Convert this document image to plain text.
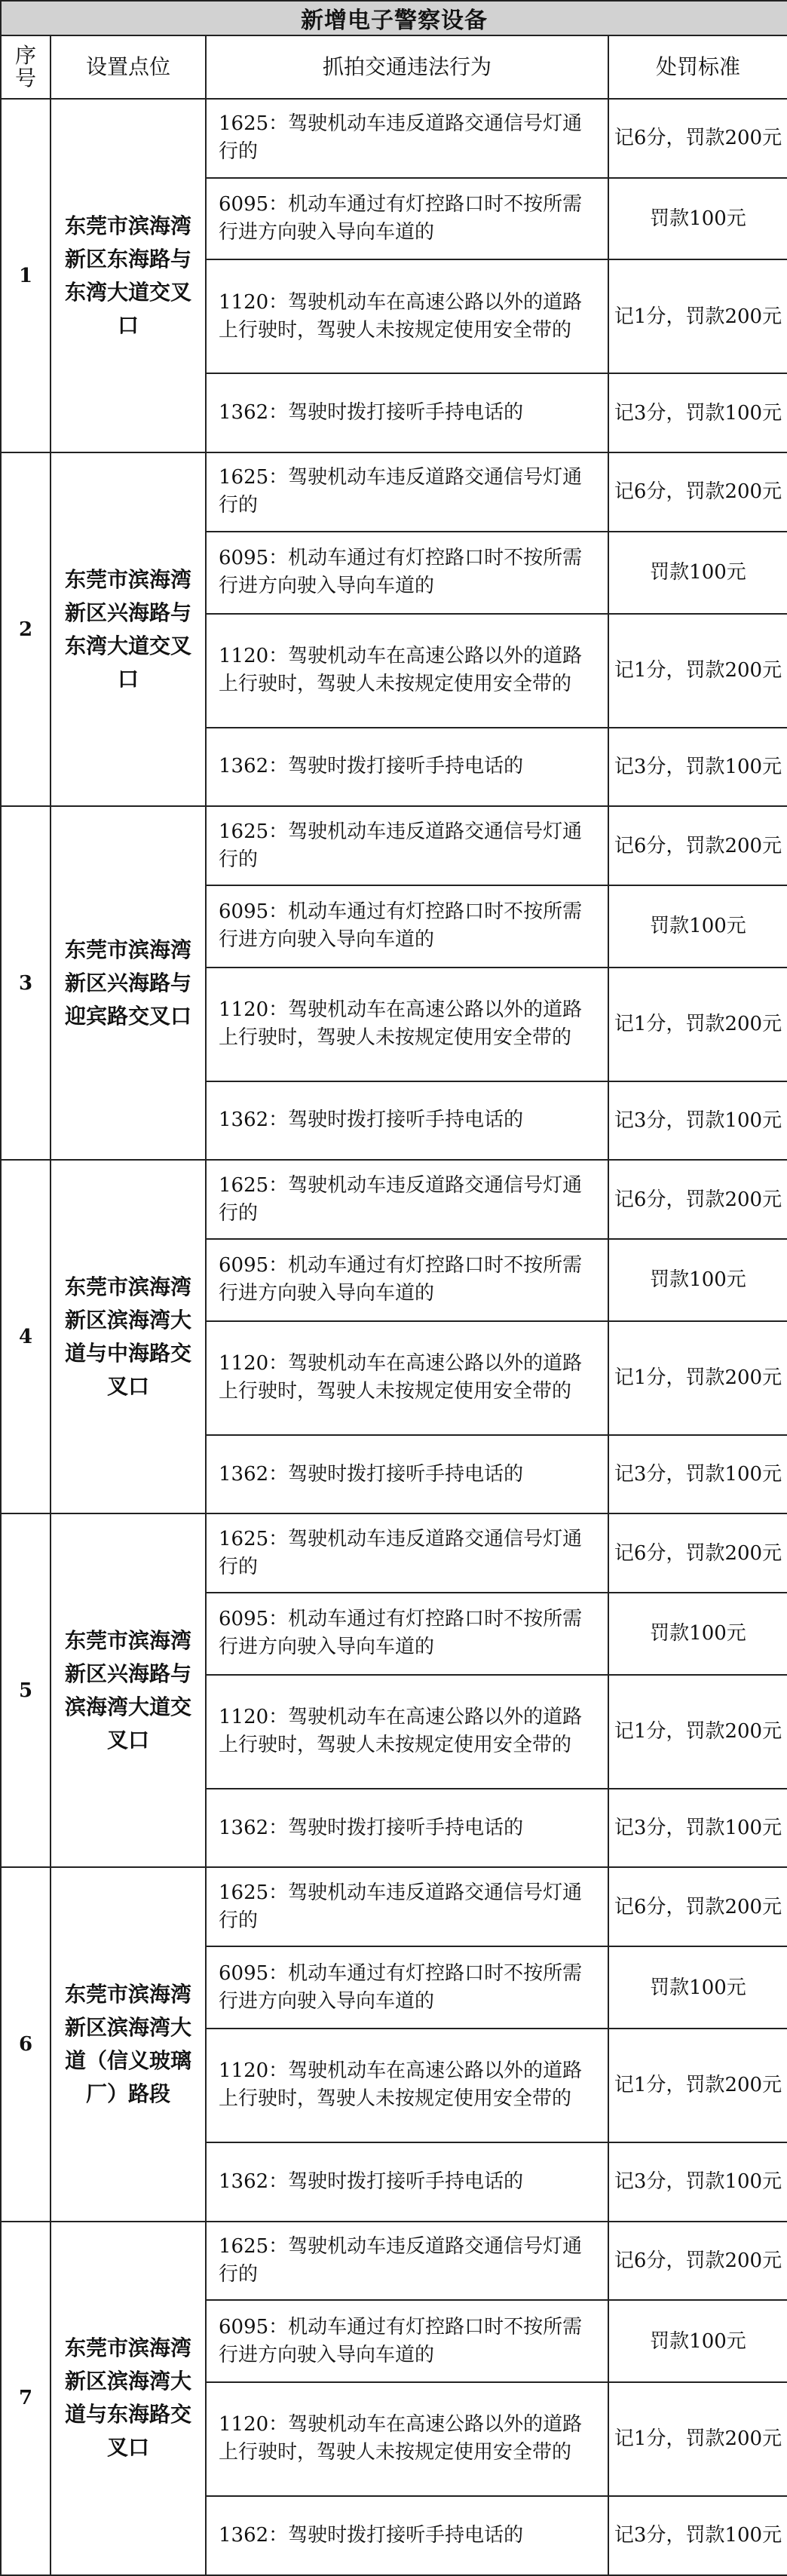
新增电子警察设备			
序号	设置点位	抓拍交通违法行为	处罚标准
1	东莞市滨海湾新区东海路与东湾大道交叉口	1625：驾驶机动车违反道路交通信号灯通行的	记6分，罚款200元
		6095：机动车通过有灯控路口时不按所需行进方向驶入导向车道的	罚款100元
		1120：驾驶机动车在高速公路以外的道路上行驶时，驾驶人未按规定使用安全带的	记1分，罚款200元
		1362：驾驶时拨打接听手持电话的	记3分，罚款100元
2	东莞市滨海湾新区兴海路与东湾大道交叉口	1625：驾驶机动车违反道路交通信号灯通行的	记6分，罚款200元
		6095：机动车通过有灯控路口时不按所需行进方向驶入导向车道的	罚款100元
		1120：驾驶机动车在高速公路以外的道路上行驶时，驾驶人未按规定使用安全带的	记1分，罚款200元
		1362：驾驶时拨打接听手持电话的	记3分，罚款100元
3	东莞市滨海湾新区兴海路与迎宾路交叉口	1625：驾驶机动车违反道路交通信号灯通行的	记6分，罚款200元
		6095：机动车通过有灯控路口时不按所需行进方向驶入导向车道的	罚款100元
		1120：驾驶机动车在高速公路以外的道路上行驶时，驾驶人未按规定使用安全带的	记1分，罚款200元
		1362：驾驶时拨打接听手持电话的	记3分，罚款100元
4	东莞市滨海湾新区滨海湾大道与中海路交叉口	1625：驾驶机动车违反道路交通信号灯通行的	记6分，罚款200元
		6095：机动车通过有灯控路口时不按所需行进方向驶入导向车道的	罚款100元
		1120：驾驶机动车在高速公路以外的道路上行驶时，驾驶人未按规定使用安全带的	记1分，罚款200元
		1362：驾驶时拨打接听手持电话的	记3分，罚款100元
5	东莞市滨海湾新区兴海路与滨海湾大道交叉口	1625：驾驶机动车违反道路交通信号灯通行的	记6分，罚款200元
		6095：机动车通过有灯控路口时不按所需行进方向驶入导向车道的	罚款100元
		1120：驾驶机动车在高速公路以外的道路上行驶时，驾驶人未按规定使用安全带的	记1分，罚款200元
		1362：驾驶时拨打接听手持电话的	记3分，罚款100元
6	东莞市滨海湾新区滨海湾大道（信义玻璃厂）路段	1625：驾驶机动车违反道路交通信号灯通行的	记6分，罚款200元
		6095：机动车通过有灯控路口时不按所需行进方向驶入导向车道的	罚款100元
		1120：驾驶机动车在高速公路以外的道路上行驶时，驾驶人未按规定使用安全带的	记1分，罚款200元
		1362：驾驶时拨打接听手持电话的	记3分，罚款100元
7	东莞市滨海湾新区滨海湾大道与东海路交叉口	1625：驾驶机动车违反道路交通信号灯通行的	记6分，罚款200元
		6095：机动车通过有灯控路口时不按所需行进方向驶入导向车道的	罚款100元
		1120：驾驶机动车在高速公路以外的道路上行驶时，驾驶人未按规定使用安全带的	记1分，罚款200元
		1362：驾驶时拨打接听手持电话的	记3分，罚款100元
